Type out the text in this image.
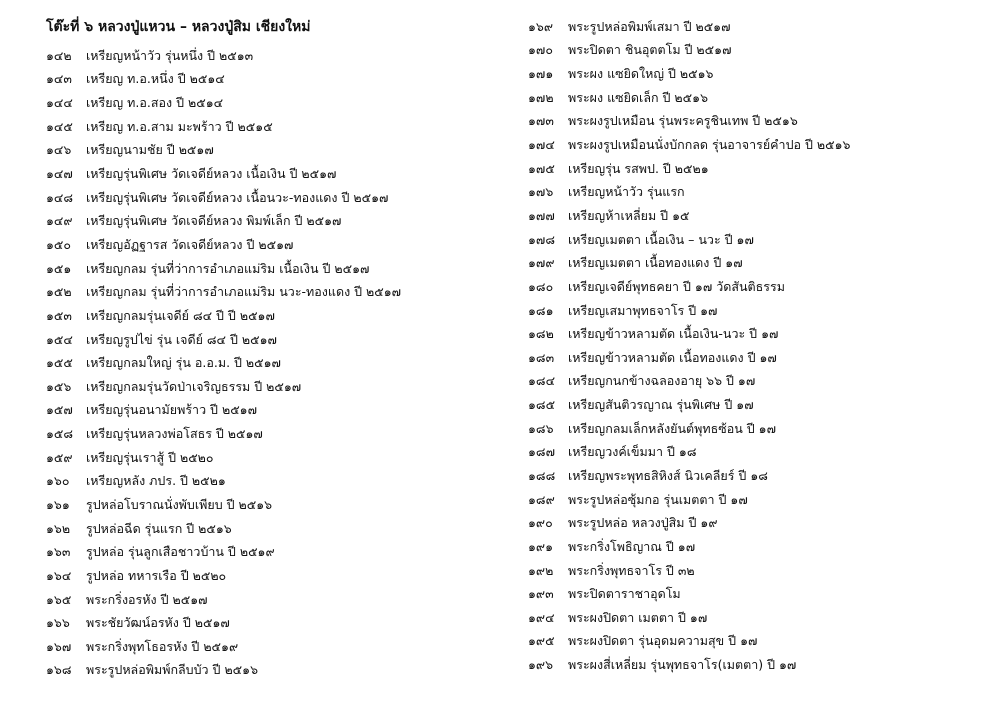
โต๊ะที่ ๖ หลวงปู่แหวน – หลวงปู่สิม เชียงใหม่
๑๔๒	เหรียญหน้าวัว รุ่นหนึ่ง ปี ๒๕๑๓
๑๔๓	เหรียญ ท.อ.หนึ่ง ปี ๒๕๑๔
๑๔๔	เหรียญ ท.อ.สอง ปี ๒๕๑๔
๑๔๕	เหรียญ ท.อ.สาม มะพร้าว ปี ๒๕๑๕
๑๔๖	เหรียญนามชัย ปี ๒๕๑๗
๑๔๗	เหรียญรุ่นพิเศษ วัดเจดีย์หลวง เนื้อเงิน ปี ๒๕๑๗
๑๔๘	เหรียญรุ่นพิเศษ วัดเจดีย์หลวง เนื้อนวะ-ทองแดง ปี ๒๕๑๗
๑๔๙	เหรียญรุ่นพิเศษ วัดเจดีย์หลวง พิมพ์เล็ก ปี ๒๕๑๗
๑๕๐	เหรียญอัฏฐารส วัดเจดีย์หลวง ปี ๒๕๑๗
๑๕๑	เหรียญกลม รุ่นที่ว่าการอำเภอแม่ริม เนื้อเงิน ปี ๒๕๑๗
๑๕๒	เหรียญกลม รุ่นที่ว่าการอำเภอแม่ริม นวะ-ทองแดง ปี ๒๕๑๗
๑๕๓	เหรียญกลมรุ่นเจดีย์ ๘๔ ปี ปี ๒๕๑๗
๑๕๔	เหรียญรูปไข่ รุ่น เจดีย์ ๘๔ ปี ๒๕๑๗
๑๕๕	เหรียญกลมใหญ่ รุ่น อ.อ.ม. ปี ๒๕๑๗
๑๕๖	เหรียญกลมรุ่นวัดป่าเจริญธรรม ปี ๒๕๑๗
๑๕๗	เหรียญรุ่นอนามัยพร้าว ปี ๒๕๑๗
๑๕๘	เหรียญรุ่นหลวงพ่อโสธร ปี ๒๕๑๗
๑๕๙	เหรียญรุ่นเราสู้ ปี ๒๕๒๐
๑๖๐	เหรียญหลัง ภปร. ปี ๒๕๒๑
๑๖๑	รูปหล่อโบราณนั่งพับเพียบ ปี ๒๕๑๖
๑๖๒	รูปหล่อฉีด รุ่นแรก ปี ๒๕๑๖
๑๖๓	รูปหล่อ รุ่นลูกเสือชาวบ้าน ปี ๒๕๑๙
๑๖๔	รูปหล่อ ทหารเรือ ปี ๒๕๒๐
๑๖๕	พระกริ่งอรหัง ปี ๒๕๑๗
๑๖๖	พระชัยวัฒน์อรหัง ปี ๒๕๑๗
๑๖๗	พระกริ่งพุทโธอรหัง ปี ๒๕๑๙
๑๖๘	พระรูปหล่อพิมพ์กลีบบัว ปี ๒๕๑๖
๑๖๙	พระรูปหล่อพิมพ์เสมา ปี ๒๕๑๗
๑๗๐	พระปิดตา ชินอุตตโม ปี ๒๕๑๗
๑๗๑	พระผง แซยิดใหญ่ ปี ๒๕๑๖
๑๗๒	พระผง แซยิดเล็ก ปี ๒๕๑๖
๑๗๓	พระผงรูปเหมือน รุ่นพระครูชินเทพ ปี ๒๕๑๖
๑๗๔	พระผงรูปเหมือนนั่งบักกลด รุ่นอาจารย์คำปอ ปี ๒๕๑๖
๑๗๕	เหรียญรุ่น รสพป. ปี ๒๕๒๑
๑๗๖	เหรียญหน้าวัว รุ่นแรก
๑๗๗	เหรียญห้าเหลี่ยม ปี ๑๕
๑๗๘	เหรียญเมตตา เนื้อเงิน – นวะ ปี ๑๗
๑๗๙	เหรียญเมตตา เนื้อทองแดง ปี ๑๗
๑๘๐	เหรียญเจดีย์พุทธคยา ปี ๑๗ วัดสันติธรรม
๑๘๑	เหรียญเสมาพุทธจาโร ปี ๑๗
๑๘๒	เหรียญข้าวหลามตัด เนื้อเงิน-นวะ ปี ๑๗
๑๘๓	เหรียญข้าวหลามตัด เนื้อทองแดง ปี ๑๗
๑๘๔	เหรียญกนกข้างฉลองอายุ ๖๖ ปี ๑๗
๑๘๕	เหรียญสันติวรญาณ รุ่นพิเศษ ปี ๑๗
๑๘๖	เหรียญกลมเล็กหลังยันต์พุทธซ้อน ปี ๑๗
๑๘๗	เหรียญวงค์เข็มมา ปี ๑๘
๑๘๘	เหรียญพระพุทธสิหิงส์ นิวเคลียร์ ปี ๑๘
๑๘๙	พระรูปหล่อซุ้มกอ รุ่นเมตตา ปี ๑๗
๑๙๐	พระรูปหล่อ หลวงปู่สิม ปี ๑๙
๑๙๑	พระกริ่งโพธิญาณ ปี ๑๗
๑๙๒	พระกริ่งพุทธจาโร ปี ๓๒
๑๙๓	พระปิดตาราชาอุดโม
๑๙๔	พระผงปิดตา เมตตา ปี ๑๗
๑๙๕	พระผงปิดตา รุ่นอุดมความสุข ปี ๑๗
๑๙๖	พระผงสี่เหลี่ยม รุ่นพุทธจาโร(เมตตา) ปี ๑๗
